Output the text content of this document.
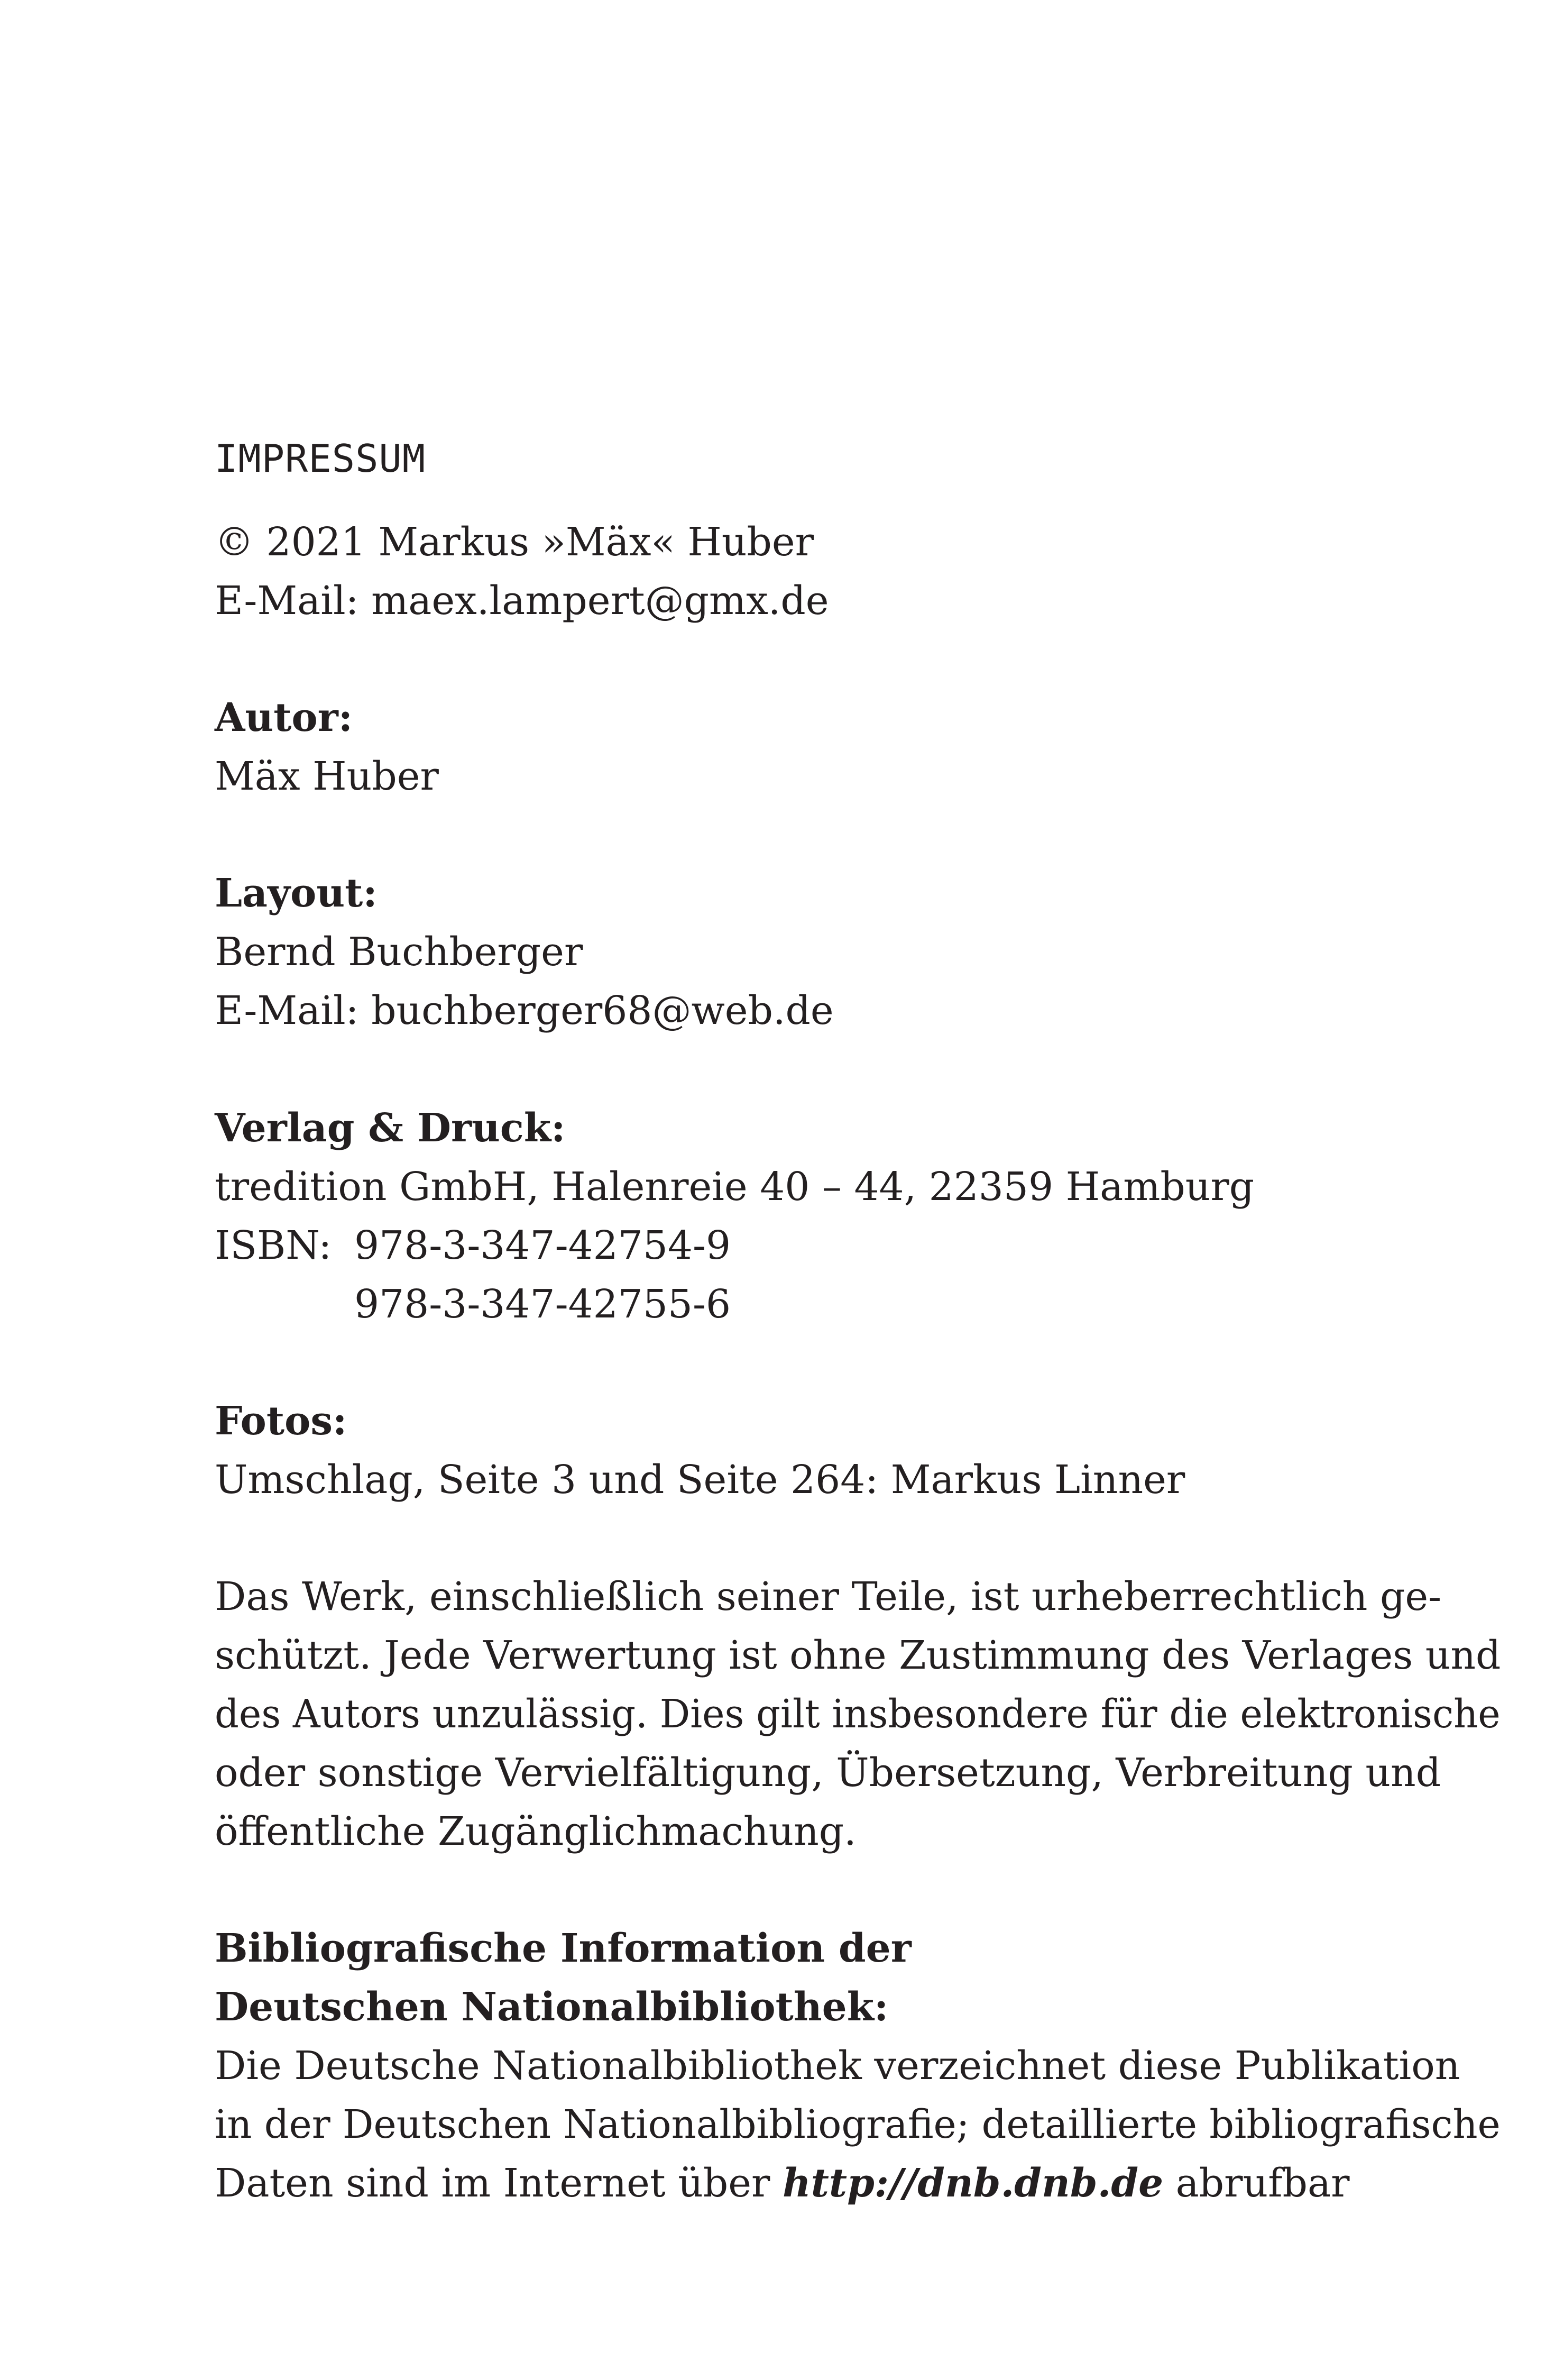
IMPRESSUM
© 2021 Markus »Mäx« Huber
E-Mail: maex.lampert@gmx.de
Autor:
Mäx Huber
Layout:
Bernd Buchberger
E-Mail: buchberger68@web.de
Verlag & Druck:
tredition GmbH, Halenreie 40 – 44, 22359 Hamburg
ISBN: 978-3-347-42754-9
978-3-347-42755-6
Fotos:
Umschlag, Seite 3 und Seite 264: Markus Linner
Das Werk, einschließlich seiner Teile, ist urheberrechtlich ge-
schützt. Jede Verwertung ist ohne Zustimmung des Verlages und
des Autors unzulässig. Dies gilt insbesondere für die elektronische
oder sonstige Vervielfältigung, Übersetzung, Verbreitung und
öffentliche Zugänglichmachung.
Bibliografische Information der
Deutschen Nationalbibliothek:
Die Deutsche Nationalbibliothek verzeichnet diese Publikation
in der Deutschen Nationalbibliografie; detaillierte bibliografische
Daten sind im Internet über http://dnb.dnb.de abrufbar
